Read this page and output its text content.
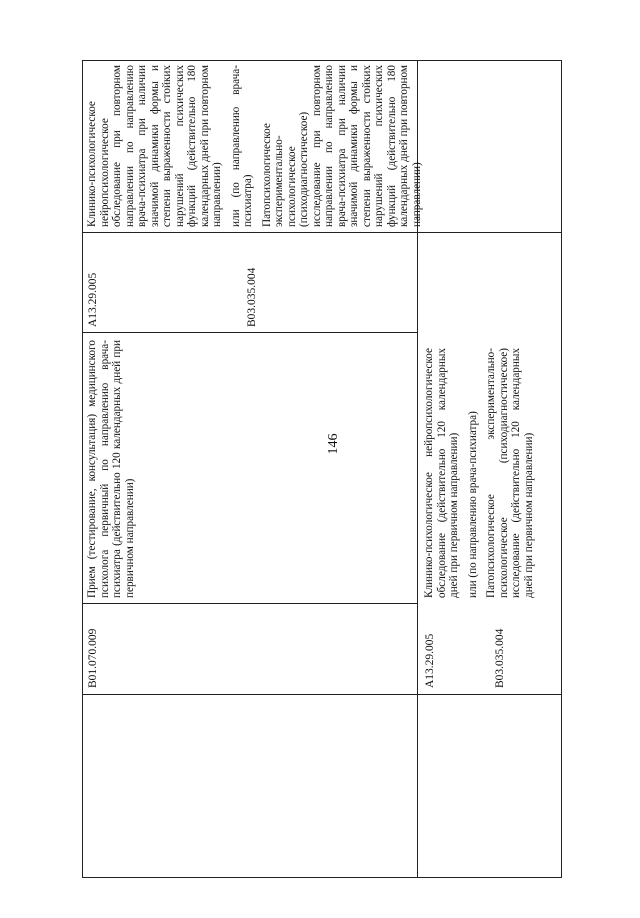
146
B01.070.009
Прием (тестирование, консультация) медицинского психолога первичный по направлению врача-психиатра (действительно 120 календарных дней при первичном направлении)
A13.29.005	B03.035.004

Клинико-психологическое нейропсихологическое обследование при повторном направлении по направлению врача-психиатра при наличии значимой динамики формы и степени выраженности стойких нарушений психических функций (действительно 180 календарных дней при повторном направлении) или (по направлению врача-психиатра) Патопсихологическое экспериментально-психологическое (психодиагностическое) исследование при повторном направлении по направлению врача-психиатра при наличии значимой динамики формы и степени выраженности стойких нарушений психических функций (действительно 180 календарных дней при повторном направлении)

A13.29.005	B03.035.004

Клинико-психологическое нейропсихологическое обследование (действительно 120 календарных дней при первичном направлении) или (по направлению врача-психиатра) Патопсихологическое экспериментально-психологическое (психодиагностическое) исследование (действительно 120 календарных дней при первичном направлении)
